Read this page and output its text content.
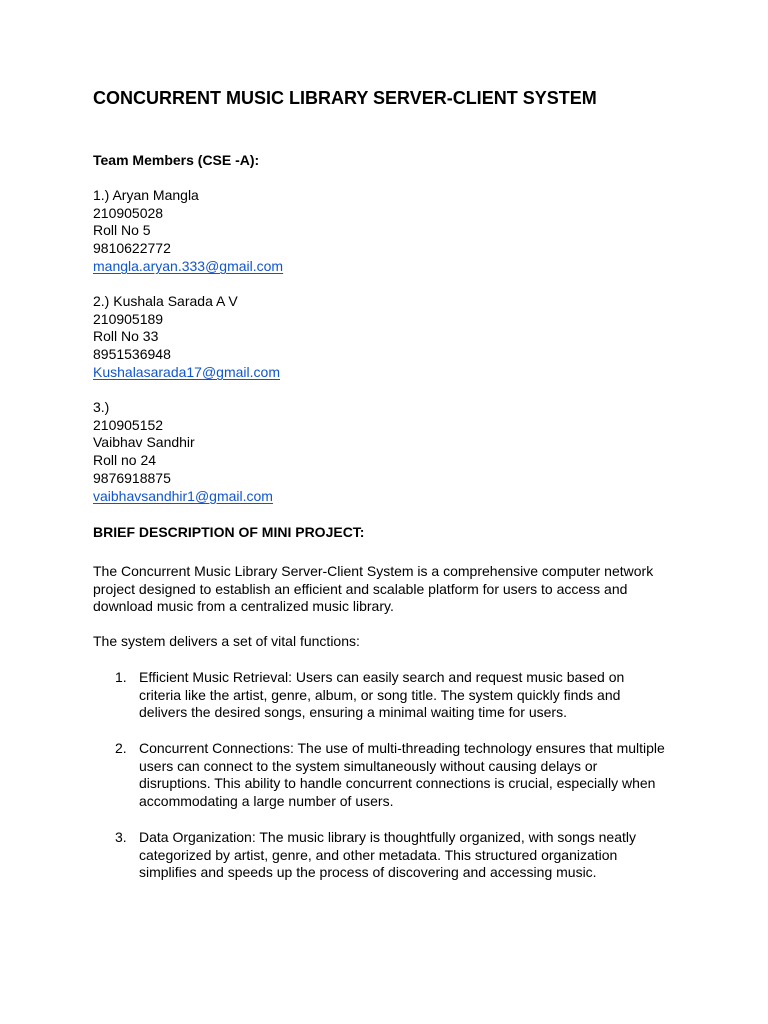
CONCURRENT MUSIC LIBRARY SERVER-CLIENT SYSTEM
Team Members (CSE -A):
1.) Aryan Mangla
210905028
Roll No 5
9810622772
mangla.aryan.333@gmail.com
2.) Kushala Sarada A V
210905189
Roll No 33
8951536948
Kushalasarada17@gmail.com
3.)
210905152
Vaibhav Sandhir
Roll no 24
9876918875
vaibhavsandhir1@gmail.com
BRIEF DESCRIPTION OF MINI PROJECT:
The Concurrent Music Library Server-Client System is a comprehensive computer network
project designed to establish an efficient and scalable platform for users to access and
download music from a centralized music library.
The system delivers a set of vital functions:
1. Efficient Music Retrieval: Users can easily search and request music based on
criteria like the artist, genre, album, or song title. The system quickly finds and
delivers the desired songs, ensuring a minimal waiting time for users.
2. Concurrent Connections: The use of multi-threading technology ensures that multiple
users can connect to the system simultaneously without causing delays or
disruptions. This ability to handle concurrent connections is crucial, especially when
accommodating a large number of users.
3. Data Organization: The music library is thoughtfully organized, with songs neatly
categorized by artist, genre, and other metadata. This structured organization
simplifies and speeds up the process of discovering and accessing music.
